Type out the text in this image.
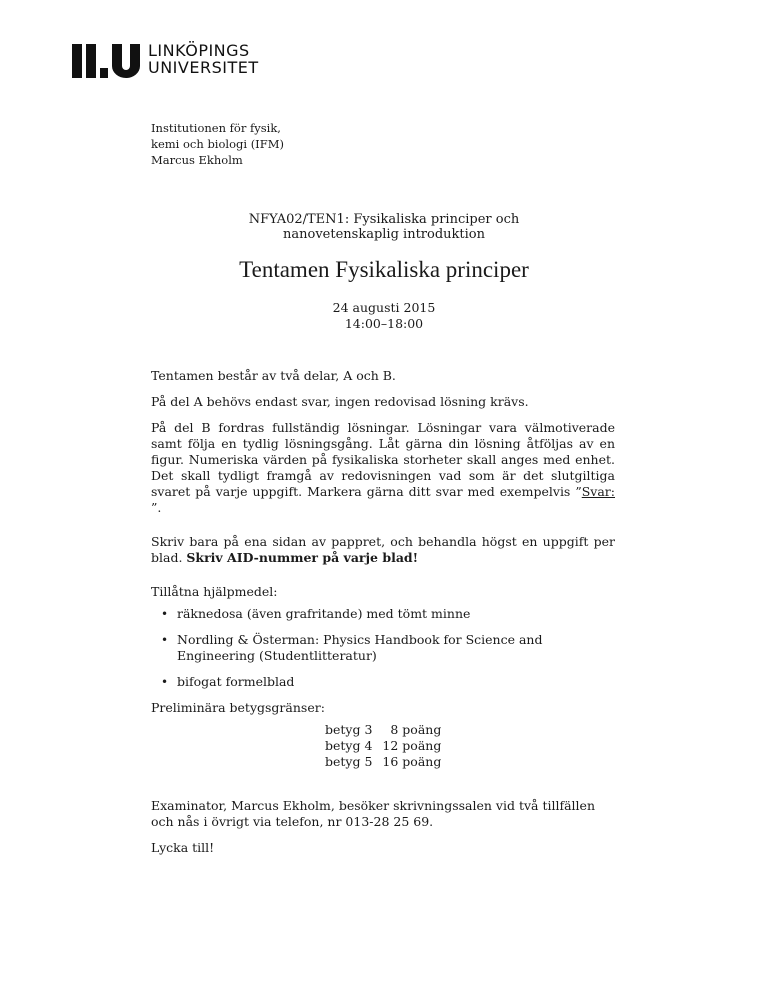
LINKÖPINGS
UNIVERSITET
Institutionen för fysik,
kemi och biologi (IFM)
Marcus Ekholm
NFYA02/TEN1: Fysikaliska principer och
nanovetenskaplig introduktion
Tentamen Fysikaliska principer
24 augusti 2015
14:00–18:00

Tentamen består av två delar, A och B.

På del A behövs endast svar, ingen redovisad lösning krävs.

På del B fordras fullständig lösningar. Lösningar vara välmotiverade samt följa en tydlig lösningsgång. Låt gärna din lösning åtföljas av en figur. Numeriska värden på fysikaliska storheter skall anges med enhet. Det skall tydligt framgå av redovisningen vad som är det slutgiltiga svaret på varje uppgift. Markera gärna ditt svar med exempelvis ”Svar: ”.

Skriv bara på ena sidan av pappret, och behandla högst en uppgift per blad. Skriv AID-nummer på varje blad!

Tillåtna hjälpmedel:

• räknedosa (även grafritande) med tömt minne
• Nordling & Österman: Physics Handbook for Science and Engineering (Studentlitteratur)
• bifogat formelblad

Preliminära betygsgränser:

betyg 3	8 poäng
betyg 4	12 poäng
betyg 5	16 poäng

Examinator, Marcus Ekholm, besöker skrivningssalen vid två tillfällen och nås i övrigt via telefon, nr 013-28 25 69.

Lycka till!
